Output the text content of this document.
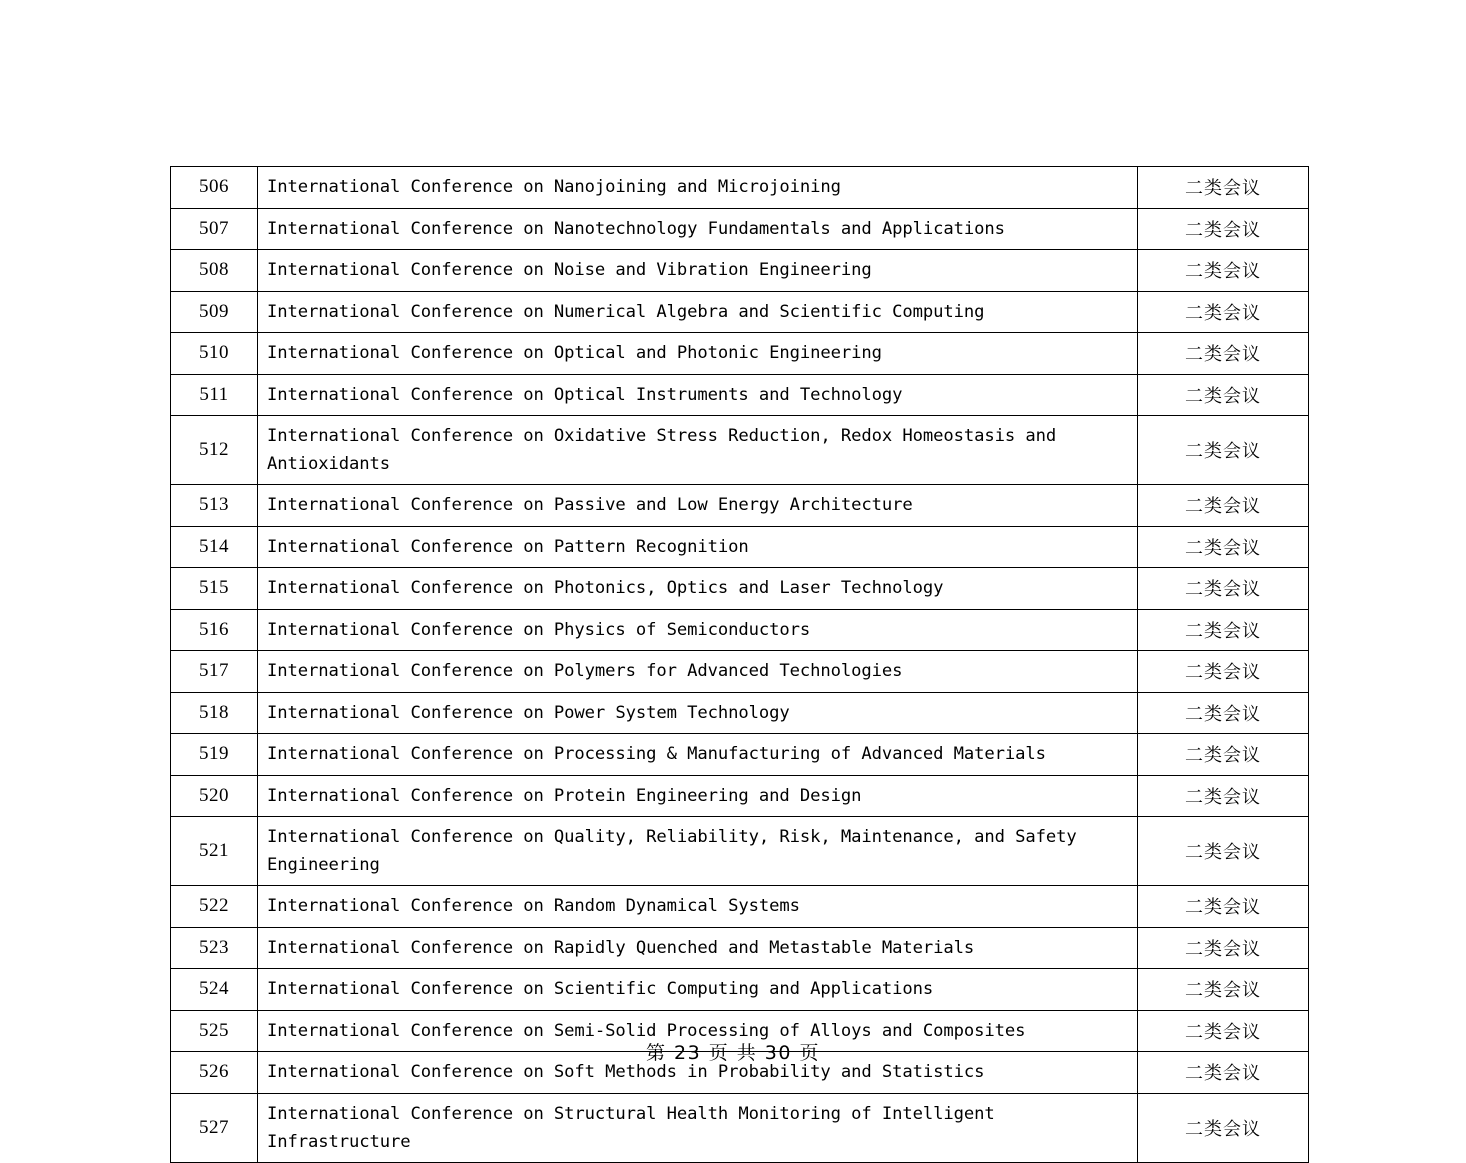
506	International Conference on Nanojoining and Microjoining	二类会议
507	International Conference on Nanotechnology Fundamentals and Applications	二类会议
508	International Conference on Noise and Vibration Engineering	二类会议
509	International Conference on Numerical Algebra and Scientific Computing	二类会议
510	International Conference on Optical and Photonic Engineering	二类会议
511	International Conference on Optical Instruments and Technology	二类会议
512	International Conference on Oxidative Stress Reduction, Redox Homeostasis and Antioxidants	二类会议
513	International Conference on Passive and Low Energy Architecture	二类会议
514	International Conference on Pattern Recognition	二类会议
515	International Conference on Photonics, Optics and Laser Technology	二类会议
516	International Conference on Physics of Semiconductors	二类会议
517	International Conference on Polymers for Advanced Technologies	二类会议
518	International Conference on Power System Technology	二类会议
519	International Conference on Processing & Manufacturing of Advanced Materials	二类会议
520	International Conference on Protein Engineering and Design	二类会议
521	International Conference on Quality, Reliability, Risk, Maintenance, and Safety Engineering	二类会议
522	International Conference on Random Dynamical Systems	二类会议
523	International Conference on Rapidly Quenched and Metastable Materials	二类会议
524	International Conference on Scientific Computing and Applications	二类会议
525	International Conference on Semi-Solid Processing of Alloys and Composites	二类会议
526	International Conference on Soft Methods in Probability and Statistics	二类会议
527	International Conference on Structural Health Monitoring of Intelligent Infrastructure	二类会议
第 23 页 共 30 页
